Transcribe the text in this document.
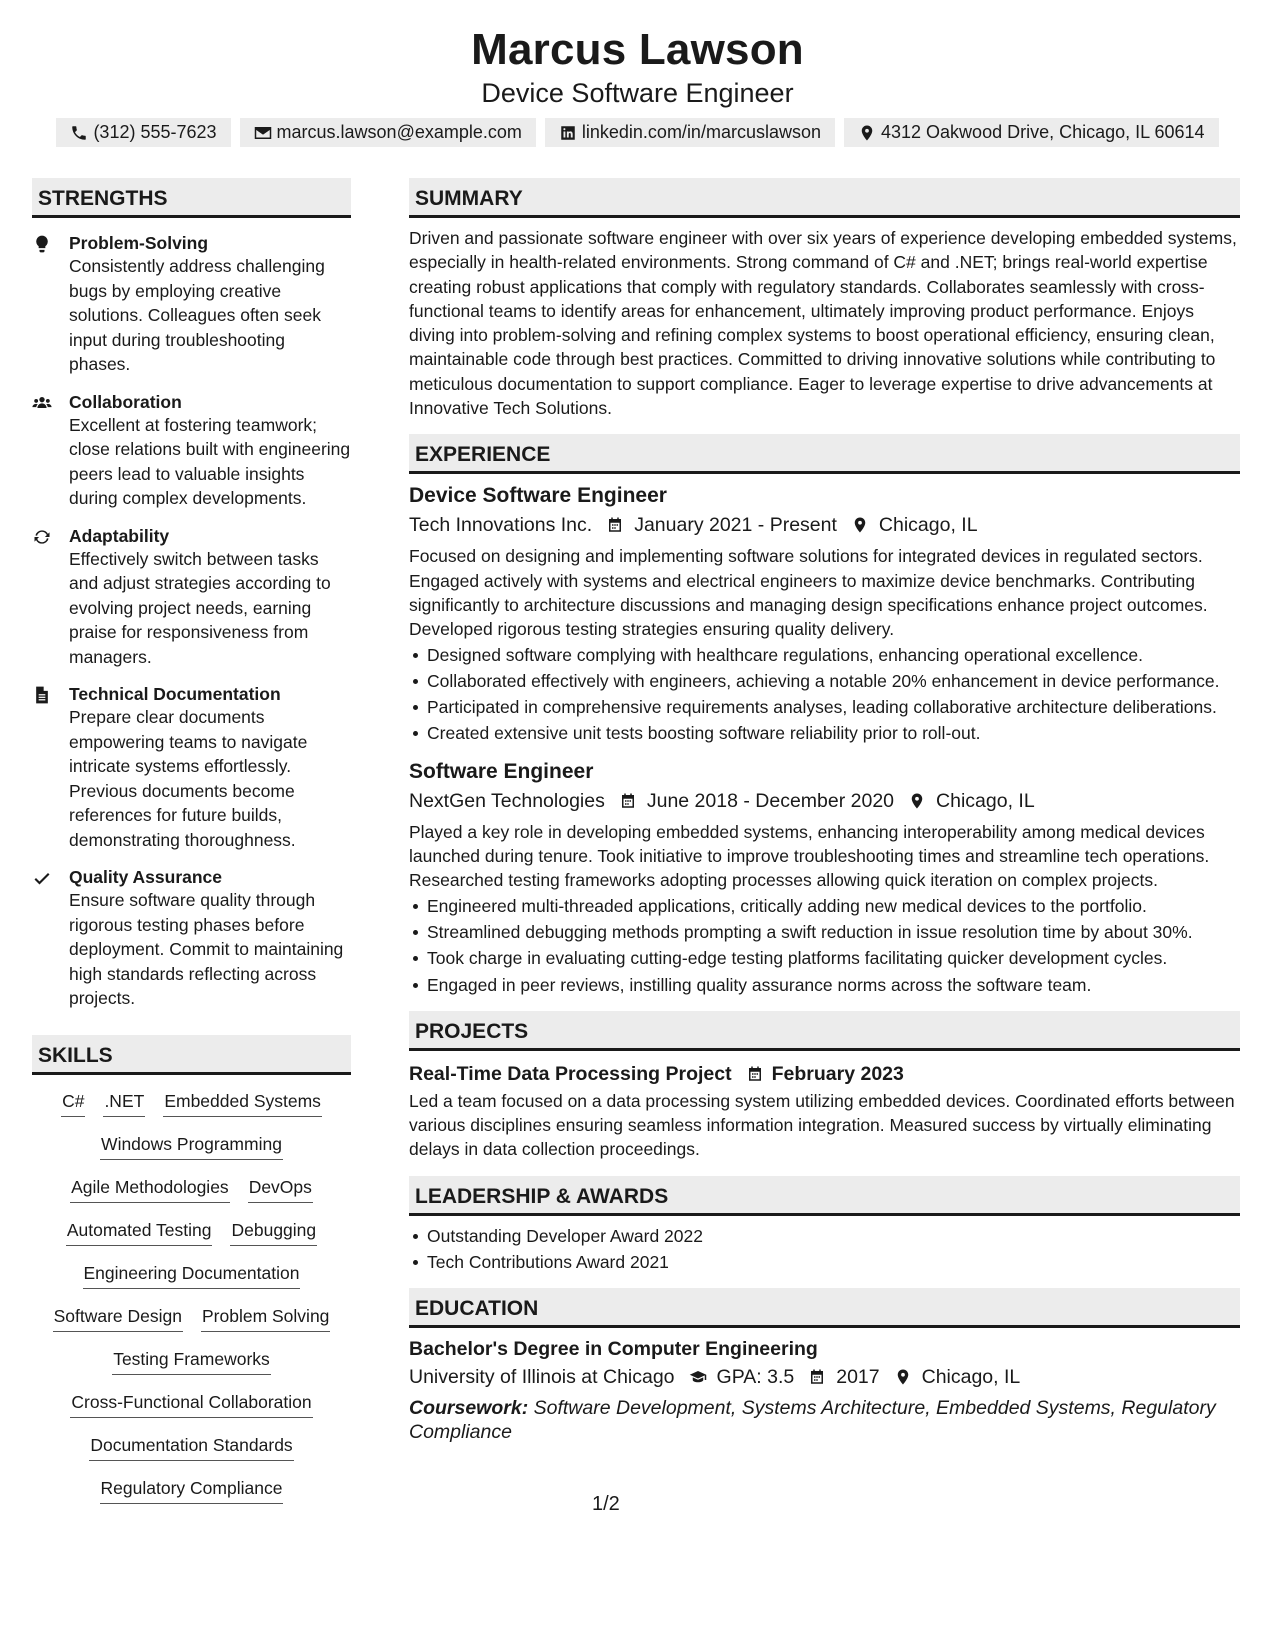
Marcus Lawson
Device Software Engineer
(312) 555-7623	marcus.lawson@example.com	linkedin.com/in/marcuslawson	4312 Oakwood Drive, Chicago, IL 60614
STRENGTHS
Problem-Solving
Consistently address challenging bugs by employing creative solutions. Colleagues often seek input during troubleshooting phases.
Collaboration
Excellent at fostering teamwork; close relations built with engineering peers lead to valuable insights during complex developments.
Adaptability
Effectively switch between tasks and adjust strategies according to evolving project needs, earning praise for responsiveness from managers.
Technical Documentation
Prepare clear documents empowering teams to navigate intricate systems effortlessly. Previous documents become references for future builds, demonstrating thoroughness.
Quality Assurance
Ensure software quality through rigorous testing phases before deployment. Commit to maintaining high standards reflecting across projects.
SKILLS
C# .NET Embedded Systems
Windows Programming
Agile Methodologies DevOps
Automated Testing Debugging
Engineering Documentation
Software Design Problem Solving
Testing Frameworks
Cross-Functional Collaboration
Documentation Standards
Regulatory Compliance
SUMMARY
Driven and passionate software engineer with over six years of experience developing embedded systems, especially in health-related environments. Strong command of C# and .NET; brings real-world expertise creating robust applications that comply with regulatory standards. Collaborates seamlessly with cross-functional teams to identify areas for enhancement, ultimately improving product performance. Enjoys diving into problem-solving and refining complex systems to boost operational efficiency, ensuring clean, maintainable code through best practices. Committed to driving innovative solutions while contributing to meticulous documentation to support compliance. Eager to leverage expertise to drive advancements at Innovative Tech Solutions.
EXPERIENCE
Device Software Engineer
Tech Innovations Inc. January 2021 - Present Chicago, IL
Focused on designing and implementing software solutions for integrated devices in regulated sectors. Engaged actively with systems and electrical engineers to maximize device benchmarks. Contributing significantly to architecture discussions and managing design specifications enhance project outcomes. Developed rigorous testing strategies ensuring quality delivery.
Designed software complying with healthcare regulations, enhancing operational excellence.
Collaborated effectively with engineers, achieving a notable 20% enhancement in device performance.
Participated in comprehensive requirements analyses, leading collaborative architecture deliberations.
Created extensive unit tests boosting software reliability prior to roll-out.
Software Engineer
NextGen Technologies June 2018 - December 2020 Chicago, IL
Played a key role in developing embedded systems, enhancing interoperability among medical devices launched during tenure. Took initiative to improve troubleshooting times and streamline tech operations. Researched testing frameworks adopting processes allowing quick iteration on complex projects.
Engineered multi-threaded applications, critically adding new medical devices to the portfolio.
Streamlined debugging methods prompting a swift reduction in issue resolution time by about 30%.
Took charge in evaluating cutting-edge testing platforms facilitating quicker development cycles.
Engaged in peer reviews, instilling quality assurance norms across the software team.
PROJECTS
Real-Time Data Processing Project February 2023
Led a team focused on a data processing system utilizing embedded devices. Coordinated efforts between various disciplines ensuring seamless information integration. Measured success by virtually eliminating delays in data collection proceedings.
LEADERSHIP & AWARDS
Outstanding Developer Award 2022
Tech Contributions Award 2021
EDUCATION
Bachelor's Degree in Computer Engineering
University of Illinois at Chicago GPA: 3.5 2017 Chicago, IL
Coursework: Software Development, Systems Architecture, Embedded Systems, Regulatory Compliance
1/2
